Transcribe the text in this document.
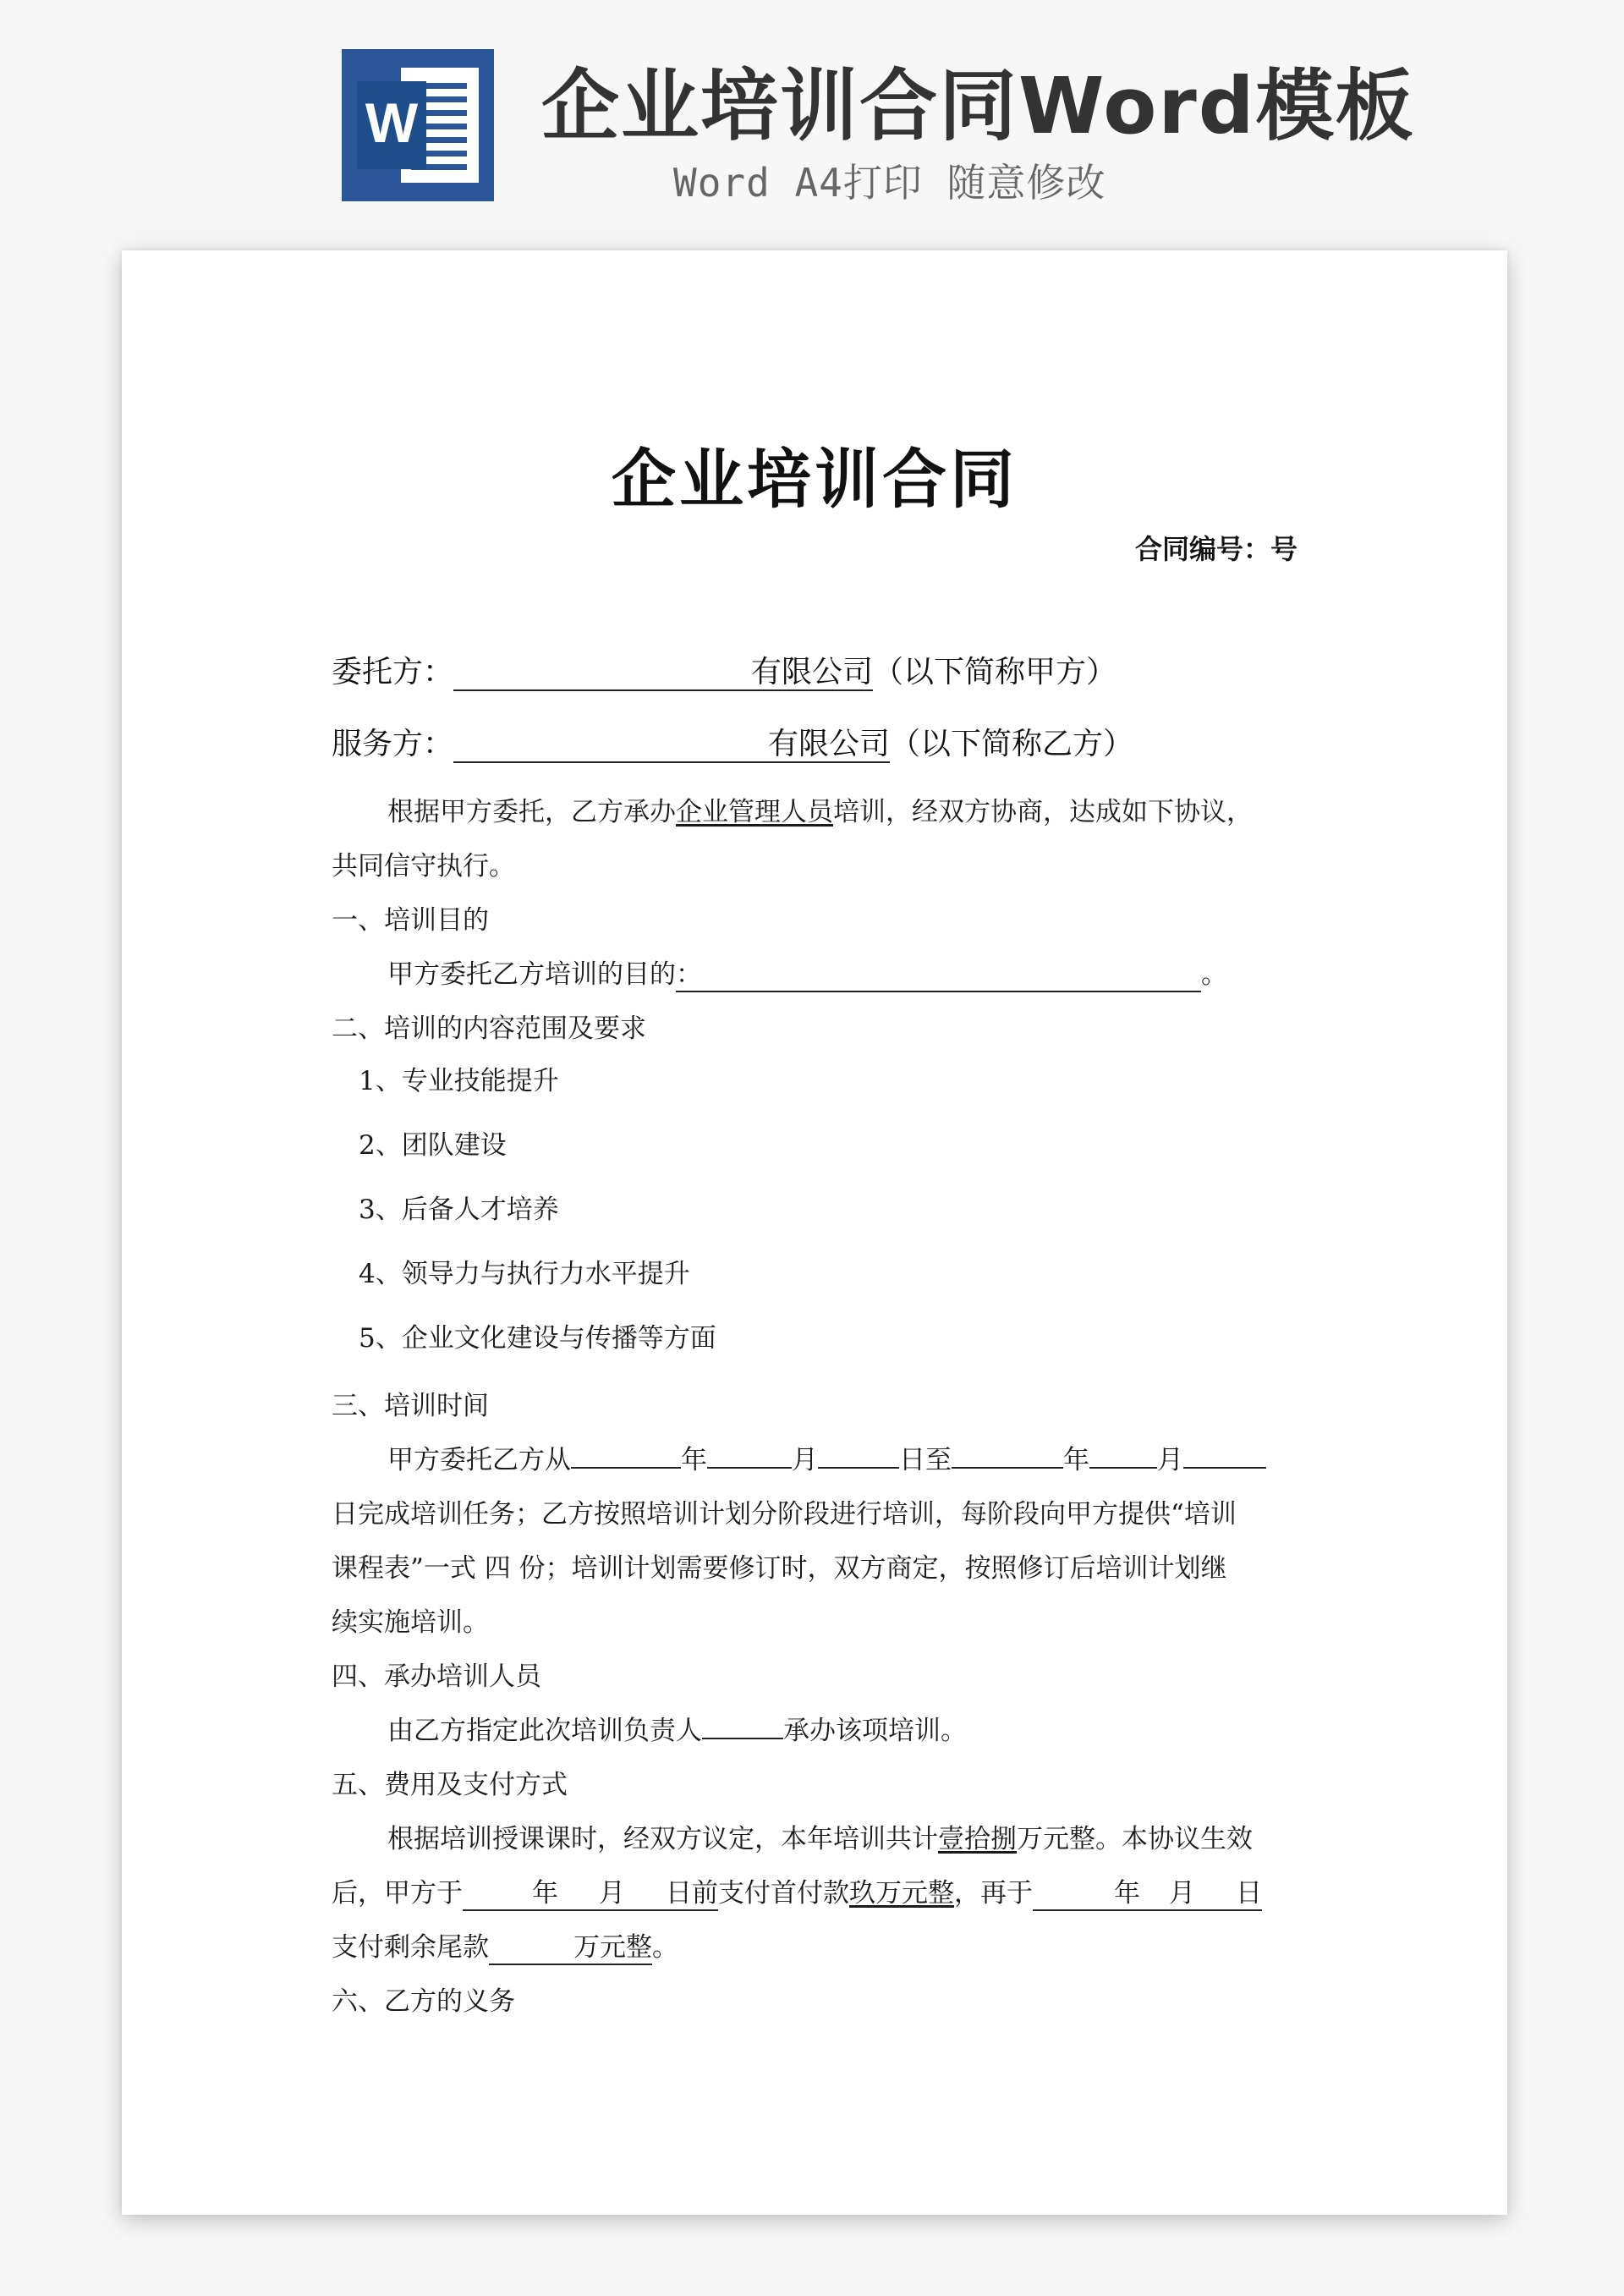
W 企业培训合同Word模板
Word A4打印 随意修改
企业培训合同
合同编号：号
委托方：	有限公司（以下简称甲方）
服务方：	有限公司（以下简称乙方）
根据甲方委托，乙方承办企业管理人员培训，经双方协商，达成如下协议，
共同信守执行。
一、培训目的
甲方委托乙方培训的目的：	。
二、培训的内容范围及要求
1、专业技能提升
2、团队建设
3、后备人才培养
4、领导力与执行力水平提升
5、企业文化建设与传播等方面
三、培训时间
甲方委托乙方从	年	月	日至	年	月
日完成培训任务；乙方按照培训计划分阶段进行培训，每阶段向甲方提供“培训
课程表”一式 四 份；培训计划需要修订时，双方商定，按照修订后培训计划继
续实施培训。
四、承办培训人员
由乙方指定此次培训负责人	承办该项培训。
五、费用及支付方式
根据培训授课课时，经双方议定，本年培训共计壹拾捌万元整。本协议生效
后，甲方于	年 月 日前支付首付款玖万元整，再于	年 月 日
支付剩余尾款	万元整。
六、乙方的义务
